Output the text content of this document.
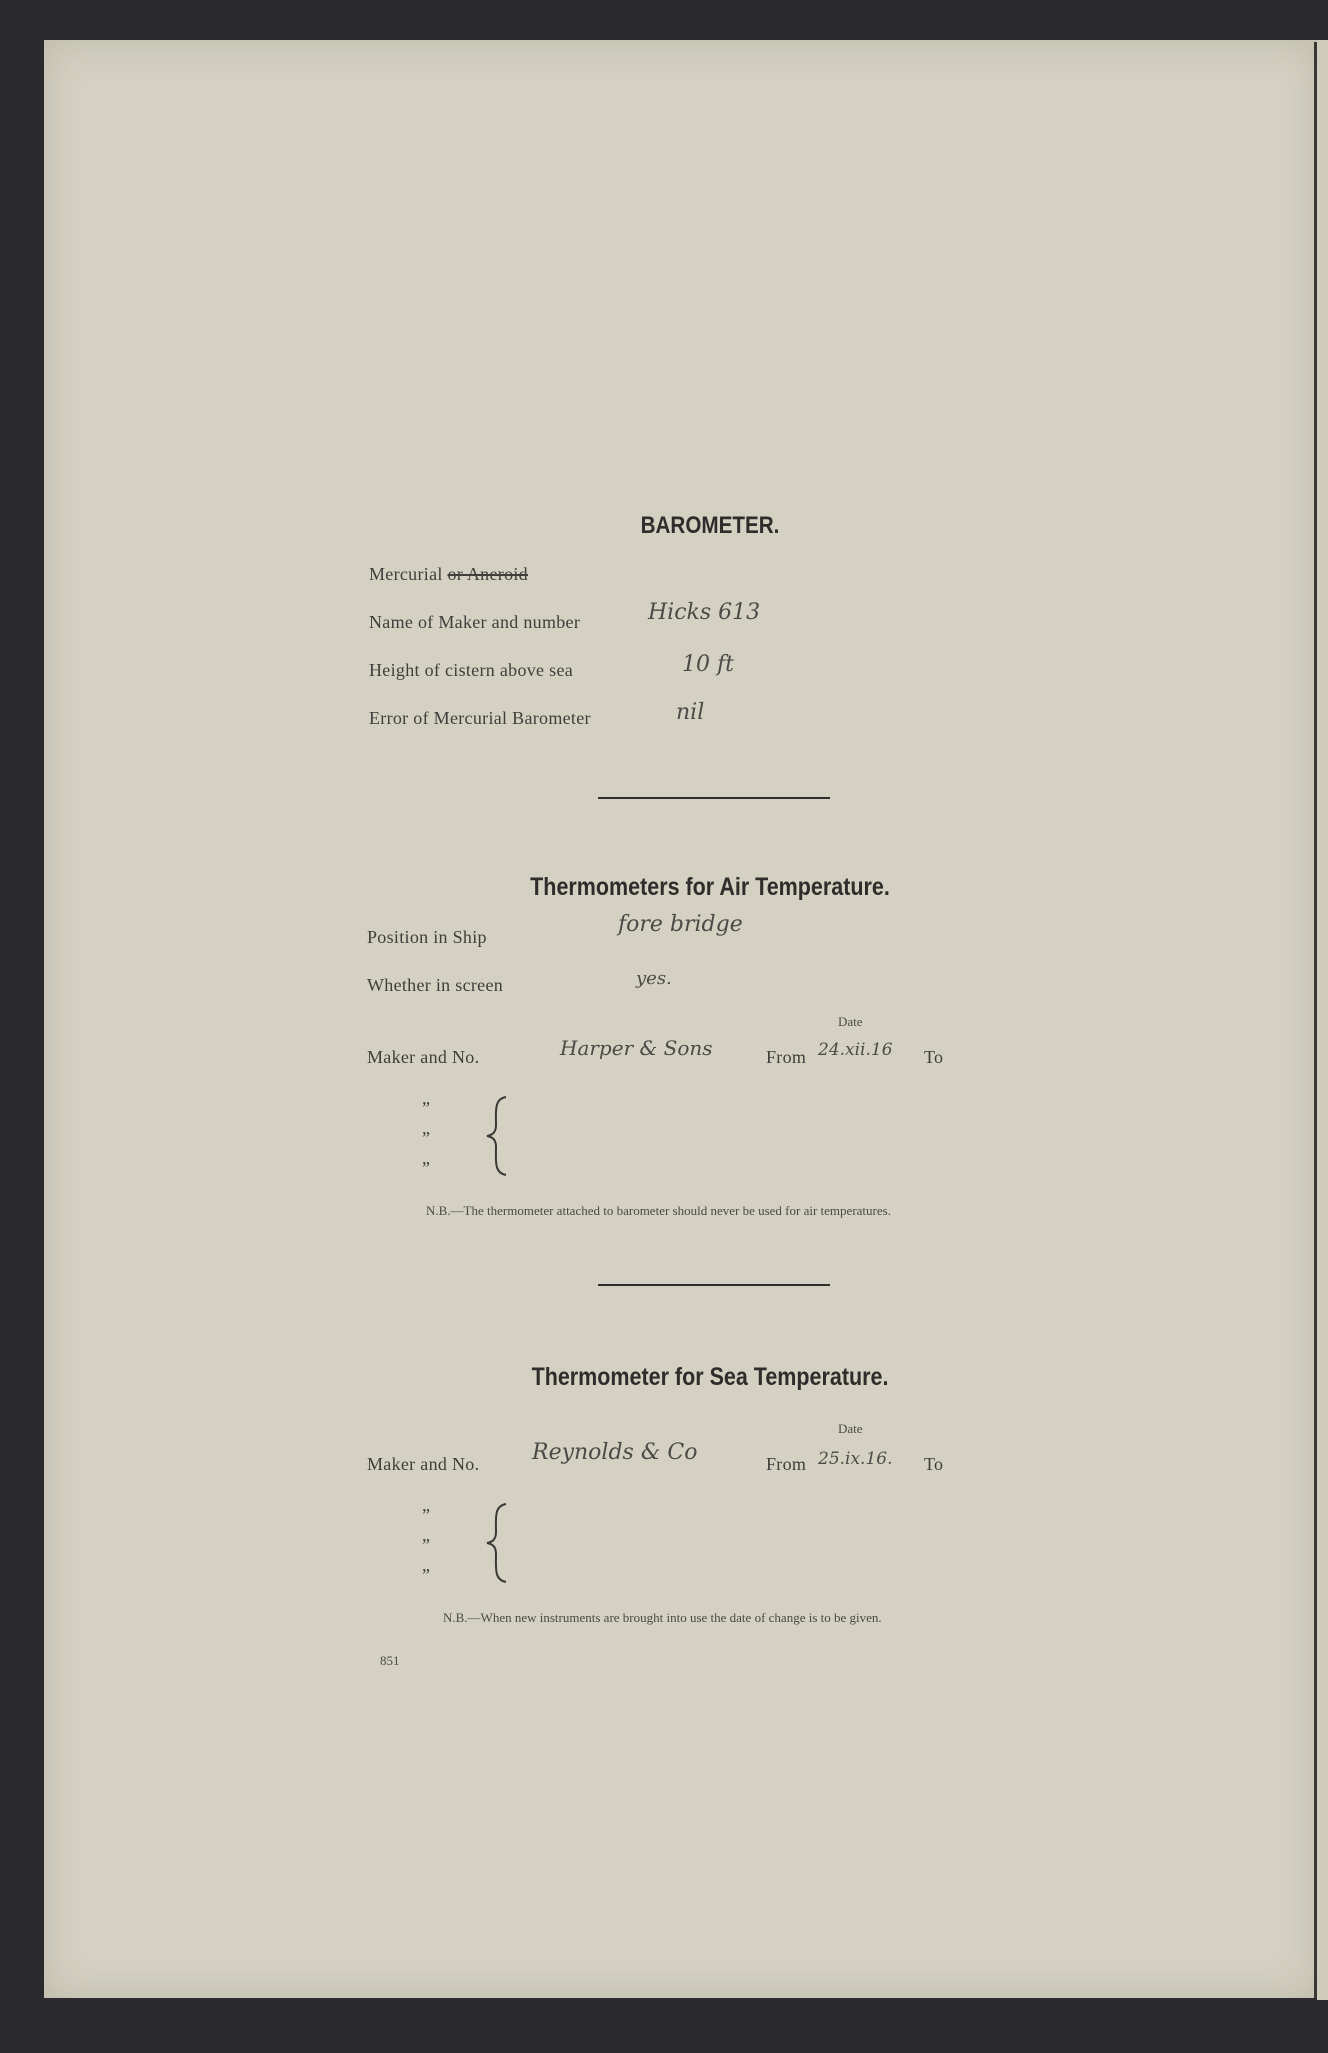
BAROMETER.
Mercurial or Aneroid
Name of Maker and number	Hicks 613
Height of cistern above sea	10 ft
Error of Mercurial Barometer	nil
Thermometers for Air Temperature.
Position in Ship	fore bridge
Whether in screen	yes.
Date
Maker and No.	Harper & Sons	From 24.xii.16 To
”
”
”
N.B.—The thermometer attached to barometer should never be used for air temperatures.
Thermometer for Sea Temperature.
Date
Maker and No. Reynolds & Co	From 25.ix.16. To
”
”
”
N.B.—When new instruments are brought into use the date of change is to be given.
851
